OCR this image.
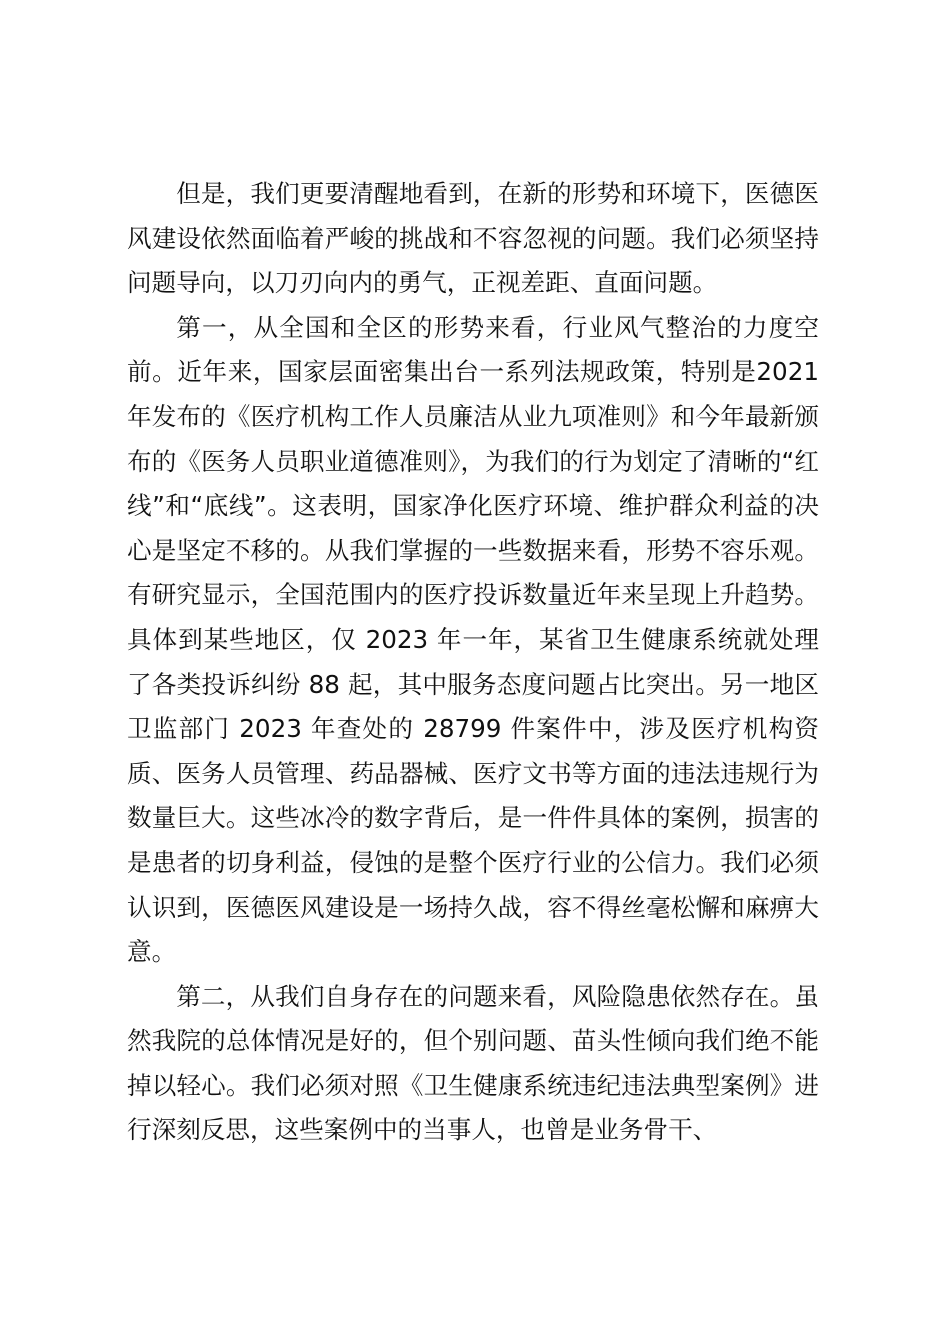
但是，我们更要清醒地看到，在新的形势和环境下，医德医风建设依然面临着严峻的挑战和不容忽视的问题。我们必须坚持问题导向，以刀刃向内的勇气，正视差距、直面问题。

第一，从全国和全区的形势来看，行业风气整治的力度空前。近年来，国家层面密集出台一系列法规政策，特别是2021 年发布的《医疗机构工作人员廉洁从业九项准则》和今年最新颁布的《医务人员职业道德准则》，为我们的行为划定了清晰的“红线”和“底线”。这表明，国家净化医疗环境、维护群众利益的决心是坚定不移的。从我们掌握的一些数据来看，形势不容乐观。有研究显示，全国范围内的医疗投诉数量近年来呈现上升趋势。具体到某些地区，仅 2023 年一年，某省卫生健康系统就处理了各类投诉纠纷 88 起，其中服务态度问题占比突出。另一地区卫监部门 2023 年查处的 28799 件案件中，涉及医疗机构资质、医务人员管理、药品器械、医疗文书等方面的违法违规行为数量巨大。这些冰冷的数字背后，是一件件具体的案例，损害的是患者的切身利益，侵蚀的是整个医疗行业的公信力。我们必须认识到，医德医风建设是一场持久战，容不得丝毫松懈和麻痹大意。

第二，从我们自身存在的问题来看，风险隐患依然存在。虽然我院的总体情况是好的，但个别问题、苗头性倾向我们绝不能掉以轻心。我们必须对照《卫生健康系统违纪违法典型案例》进行深刻反思，这些案例中的当事人，也曾是业务骨干、
